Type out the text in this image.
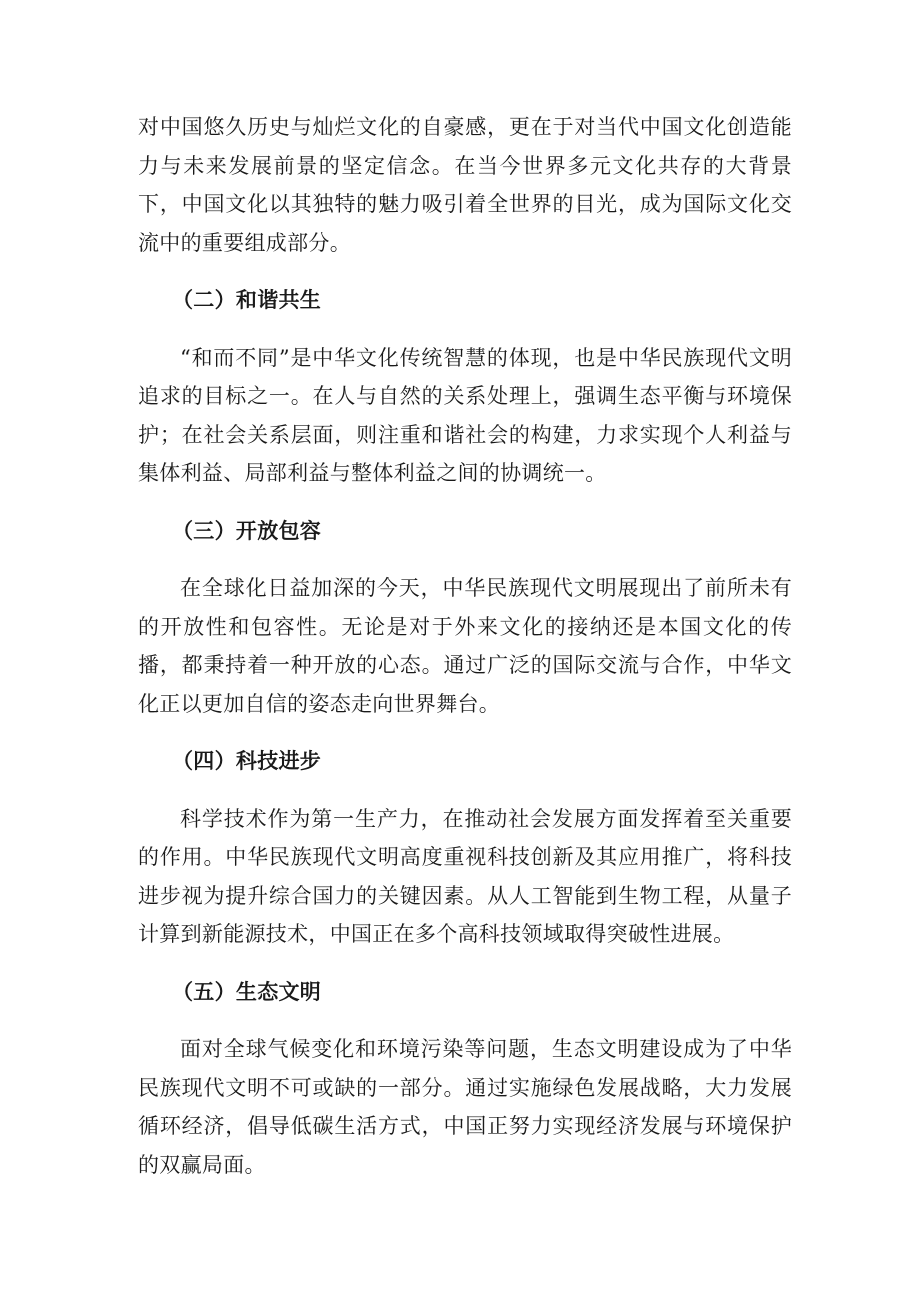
对中国悠久历史与灿烂文化的自豪感，更在于对当代中国文化创造能力与未来发展前景的坚定信念。在当今世界多元文化共存的大背景下，中国文化以其独特的魅力吸引着全世界的目光，成为国际文化交流中的重要组成部分。

（二）和谐共生

“和而不同”是中华文化传统智慧的体现，也是中华民族现代文明追求的目标之一。在人与自然的关系处理上，强调生态平衡与环境保护；在社会关系层面，则注重和谐社会的构建，力求实现个人利益与集体利益、局部利益与整体利益之间的协调统一。

（三）开放包容

在全球化日益加深的今天，中华民族现代文明展现出了前所未有的开放性和包容性。无论是对于外来文化的接纳还是本国文化的传播，都秉持着一种开放的心态。通过广泛的国际交流与合作，中华文化正以更加自信的姿态走向世界舞台。

（四）科技进步

科学技术作为第一生产力，在推动社会发展方面发挥着至关重要的作用。中华民族现代文明高度重视科技创新及其应用推广，将科技进步视为提升综合国力的关键因素。从人工智能到生物工程，从量子计算到新能源技术，中国正在多个高科技领域取得突破性进展。

（五）生态文明

面对全球气候变化和环境污染等问题，生态文明建设成为了中华民族现代文明不可或缺的一部分。通过实施绿色发展战略，大力发展循环经济，倡导低碳生活方式，中国正努力实现经济发展与环境保护的双赢局面。
